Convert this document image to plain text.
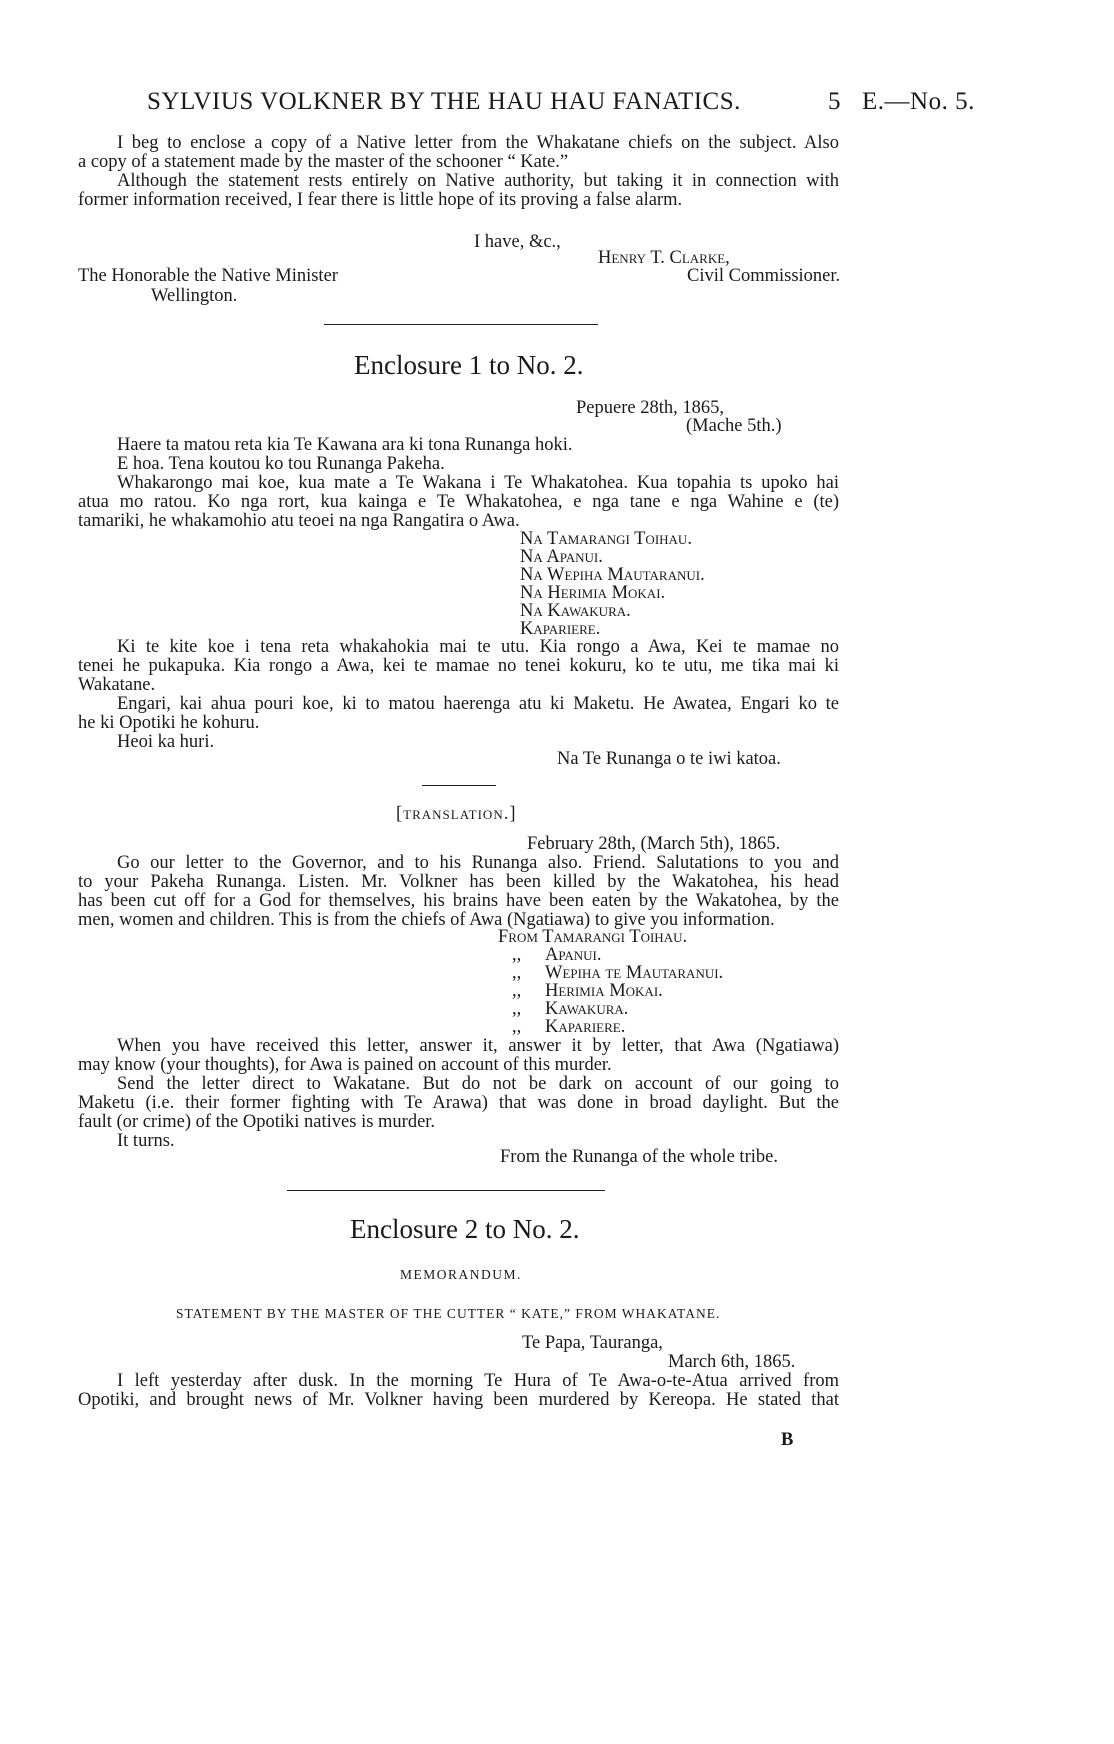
SYLVIUS VOLKNER BY THE HAU HAU FANATICS.	5 E.—No. 5.
I beg to enclose a copy of a Native letter from the Whakatane chiefs on the subject. Also
a copy of a statement made by the master of the schooner “ Kate.”
Although the statement rests entirely on Native authority, but taking it in connection with
former information received, I fear there is little hope of its proving a false alarm.
I have, &c.,
Henry T. Clarke,
Civil Commissioner.
The Honorable the Native Minister
Wellington.
Enclosure 1 to No. 2.
Pepuere 28th, 1865,
(Mache 5th.)
Haere ta matou reta kia Te Kawana ara ki tona Runanga hoki.
E hoa. Tena koutou ko tou Runanga Pakeha.
Whakarongo mai koe, kua mate a Te Wakana i Te Whakatohea. Kua topahia ts upoko hai
atua mo ratou. Ko nga rort, kua kainga e Te Whakatohea, e nga tane e nga Wahine e (te)
tamariki, he whakamohio atu teoei na nga Rangatira o Awa.
Na Tamarangi Toihau.
Na Apanui.
Na Wepiha Mautaranui.
Na Herimia Mokai.
Na Kawakura.
Kapariere.
Ki te kite koe i tena reta whakahokia mai te utu. Kia rongo a Awa, Kei te mamae no
tenei he pukapuka. Kia rongo a Awa, kei te mamae no tenei kokuru, ko te utu, me tika mai ki
Wakatane.
Engari, kai ahua pouri koe, ki to matou haerenga atu ki Maketu. He Awatea, Engari ko te
he ki Opotiki he kohuru.
Heoi ka huri.
Na Te Runanga o te iwi katoa.
[translation.]
February 28th, (March 5th), 1865.
Go our letter to the Governor, and to his Runanga also. Friend. Salutations to you and
to your Pakeha Runanga. Listen. Mr. Volkner has been killed by the Wakatohea, his head
has been cut off for a God for themselves, his brains have been eaten by the Wakatohea, by the
men, women and children. This is from the chiefs of Awa (Ngatiawa) to give you information.
From Tamarangi Toihau.
,, Apanui.
,, Wepiha te Mautaranui.
,, Herimia Mokai.
,, Kawakura.
,, Kapariere.
When you have received this letter, answer it, answer it by letter, that Awa (Ngatiawa)
may know (your thoughts), for Awa is pained on account of this murder.
Send the letter direct to Wakatane. But do not be dark on account of our going to
Maketu (i.e. their former fighting with Te Arawa) that was done in broad daylight. But the
fault (or crime) of the Opotiki natives is murder.
It turns.
From the Runanga of the whole tribe.
Enclosure 2 to No. 2.
MEMORANDUM.
STATEMENT BY THE MASTER OF THE CUTTER “ KATE,” FROM WHAKATANE.
Te Papa, Tauranga,
March 6th, 1865.
I left yesterday after dusk. In the morning Te Hura of Te Awa-o-te-Atua arrived from
Opotiki, and brought news of Mr. Volkner having been murdered by Kereopa. He stated that
B
